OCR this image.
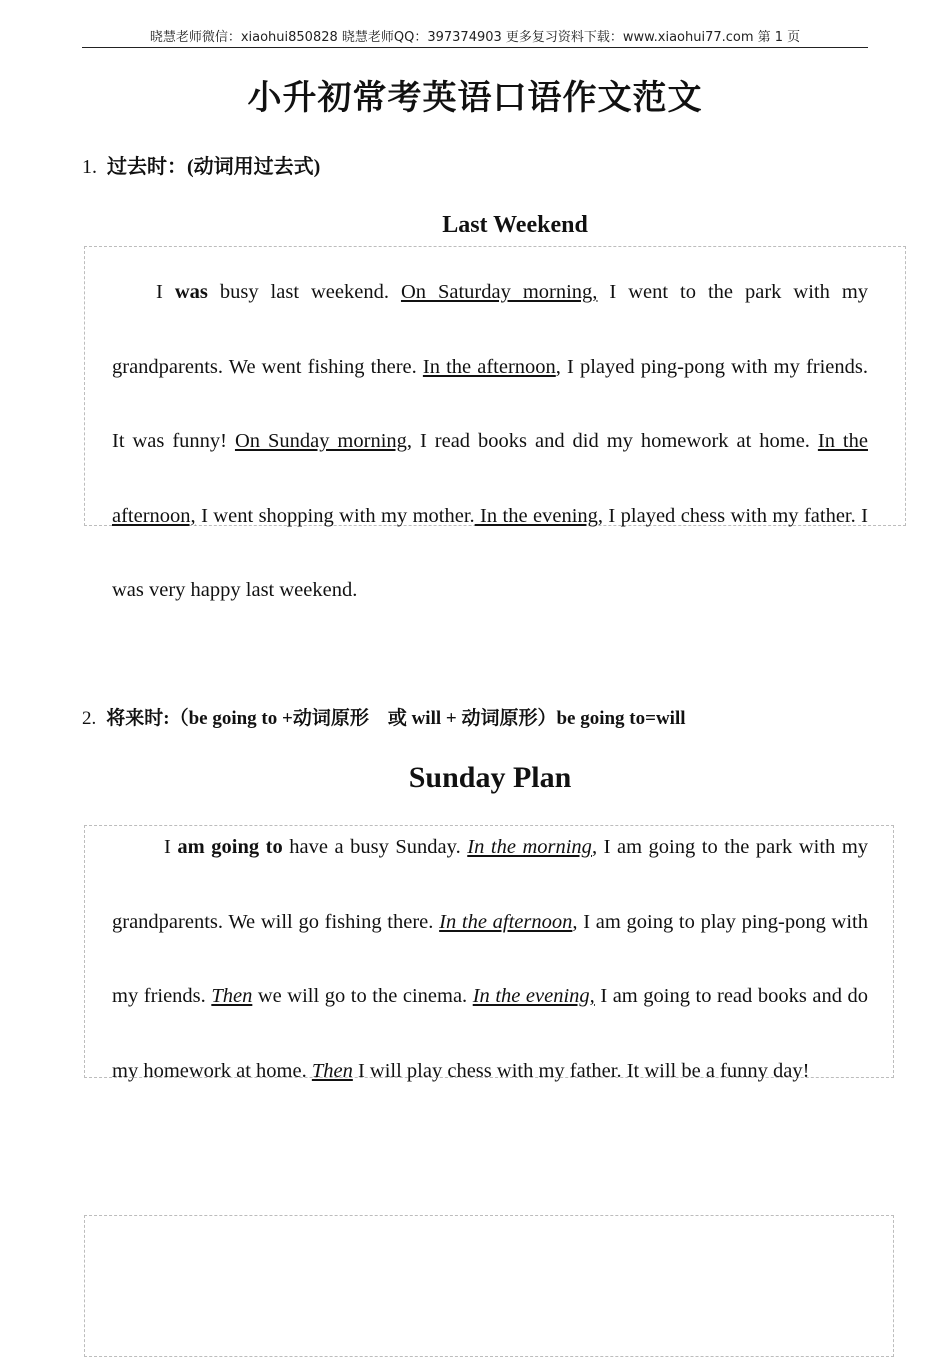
晓慧老师微信：xiaohui850828 晓慧老师QQ：397374903 更多复习资料下载：www.xiaohui77.com 第 1 页
小升初常考英语口语作文范文
1. 过去时：(动词用过去式)
Last Weekend
I was busy last weekend. On Saturday morning, I went to the park with my grandparents. We went fishing there. In the afternoon, I played ping-pong with my friends. It was funny! On Sunday morning, I read books and did my homework at home. In the afternoon, I went shopping with my mother. In the evening, I played chess with my father. I was very happy last weekend.
2. 将来时:（be going to +动词原形　或 will + 动词原形）be going to=will
Sunday Plan
I am going to have a busy Sunday. In the morning, I am going to the park with my grandparents. We will go fishing there. In the afternoon, I am going to play ping-pong with my friends. Then we will go to the cinema. In the evening, I am going to read books and do my homework at home. Then I will play chess with my father. It will be a funny day!
